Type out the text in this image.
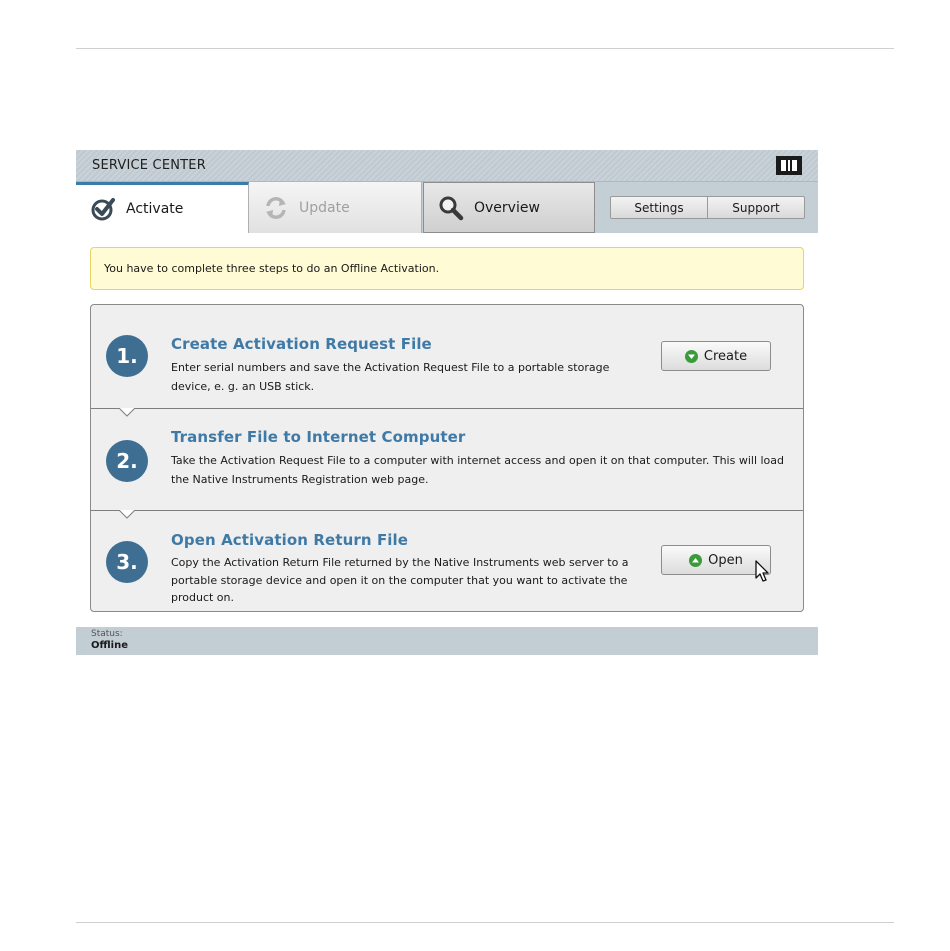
SERVICE CENTER
Activate	Update	Overview	Settings	Support
You have to complete three steps to do an Offline Activation.
1.	Create Activation Request File
Enter serial numbers and save the Activation Request File to a portable storage device, e. g. an USB stick.
Create
2.
Transfer File to Internet Computer
Take the Activation Request File to a computer with internet access and open it on that computer. This will load the Native Instruments Registration web page.
3.
Open Activation Return File
Copy the Activation Return File returned by the Native Instruments web server to a portable storage device and open it on the computer that you want to activate the product on.
Open
Status:
Offline
